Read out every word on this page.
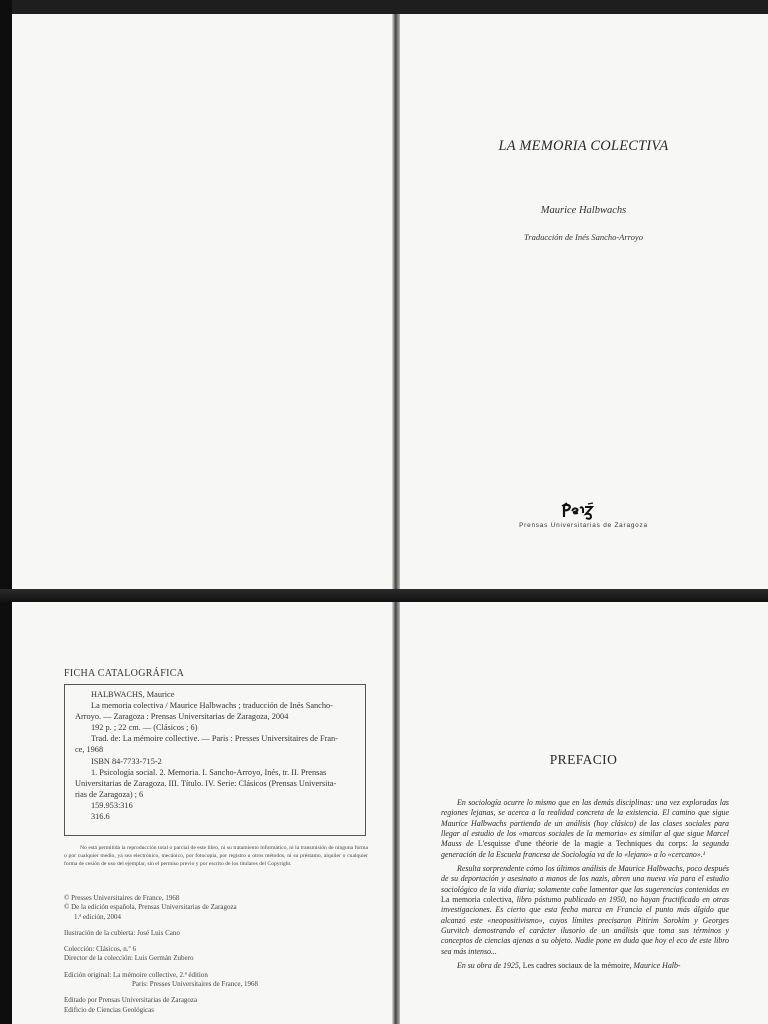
LA MEMORIA COLECTIVA
Maurice Halbwachs
Traducción de Inés Sancho-Arroyo
Prensas Universitarias de Zaragoza
FICHA CATALOGRÁFICA
HALBWACHS, Maurice
La memoria colectiva / Maurice Halbwachs ; traducción de Inés Sancho-
Arroyo. — Zaragoza : Prensas Universitarias de Zaragoza, 2004
192 p. ; 22 cm. — (Clásicos ; 6)
Trad. de: La mémoire collective. — Paris : Presses Universitaires de Fran-
ce, 1968
ISBN 84-7733-715-2
1. Psicología social. 2. Memoria. I. Sancho-Arroyo, Inés, tr. II. Prensas
Universitarias de Zaragoza. III. Título. IV. Serie: Clásicos (Prensas Universita-
rias de Zaragoza) ; 6
159.953:316
316.6
No está permitida la reproducción total o parcial de este libro, ni su tratamiento informático, ni la transmisión de ninguna forma o por cualquier medio, ya sea electrónico, mecánico, por fotocopia, por registro u otros métodos, ni su préstamo, alquiler o cualquier forma de cesión de uso del ejemplar, sin el permiso previo y por escrito de los titulares del Copyright.
© Presses Universitaires de France, 1968
© De la edición española, Prensas Universitarias de Zaragoza
1.ª edición, 2004
Ilustración de la cubierta: José Luis Cano
Colección: Clásicos, n.º 6
Director de la colección: Luis Germán Zubero
Edición original: La mémoire collective, 2.ª édition
Paris: Presses Universitaires de France, 1968
Editado por Prensas Universitarias de Zaragoza
Edificio de Ciencias Geológicas
PREFACIO

En sociología ocurre lo mismo que en las demás disciplinas: una vez exploradas las regiones lejanas, se acerca a la realidad concreta de la existencia. El camino que sigue Maurice Halbwachs partiendo de un análisis (hoy clásico) de las clases sociales para llegar al estudio de los «marcos sociales de la memoria» es similar al que sigue Marcel Mauss de L'esquisse d'une théorie de la magie a Techniques du corps: la segunda generación de la Escuela francesa de Sociología va de lo «lejano» a lo «cercano».¹

Resulta sorprendente cómo los últimos análisis de Maurice Halbwachs, poco después de su deportación y asesinato a manos de los nazis, abren una nueva vía para el estudio sociológico de la vida diaria; solamente cabe lamentar que las sugerencias contenidas en La memoria colectiva, libro póstumo publicado en 1950, no hayan fructificado en otras investigaciones. Es cierto que esta fecha marca en Francia el punto más álgido que alcanzó este «neopositivismo», cuyos límites precisaron Pitirim Sorokim y Georges Gurvitch demostrando el carácter ilusorio de un análisis que toma sus términos y conceptos de ciencias ajenas a su objeto. Nadie pone en duda que hoy el eco de este libro sea más intenso...

En su obra de 1925, Les cadres sociaux de la mémoire, Maurice Halb-
